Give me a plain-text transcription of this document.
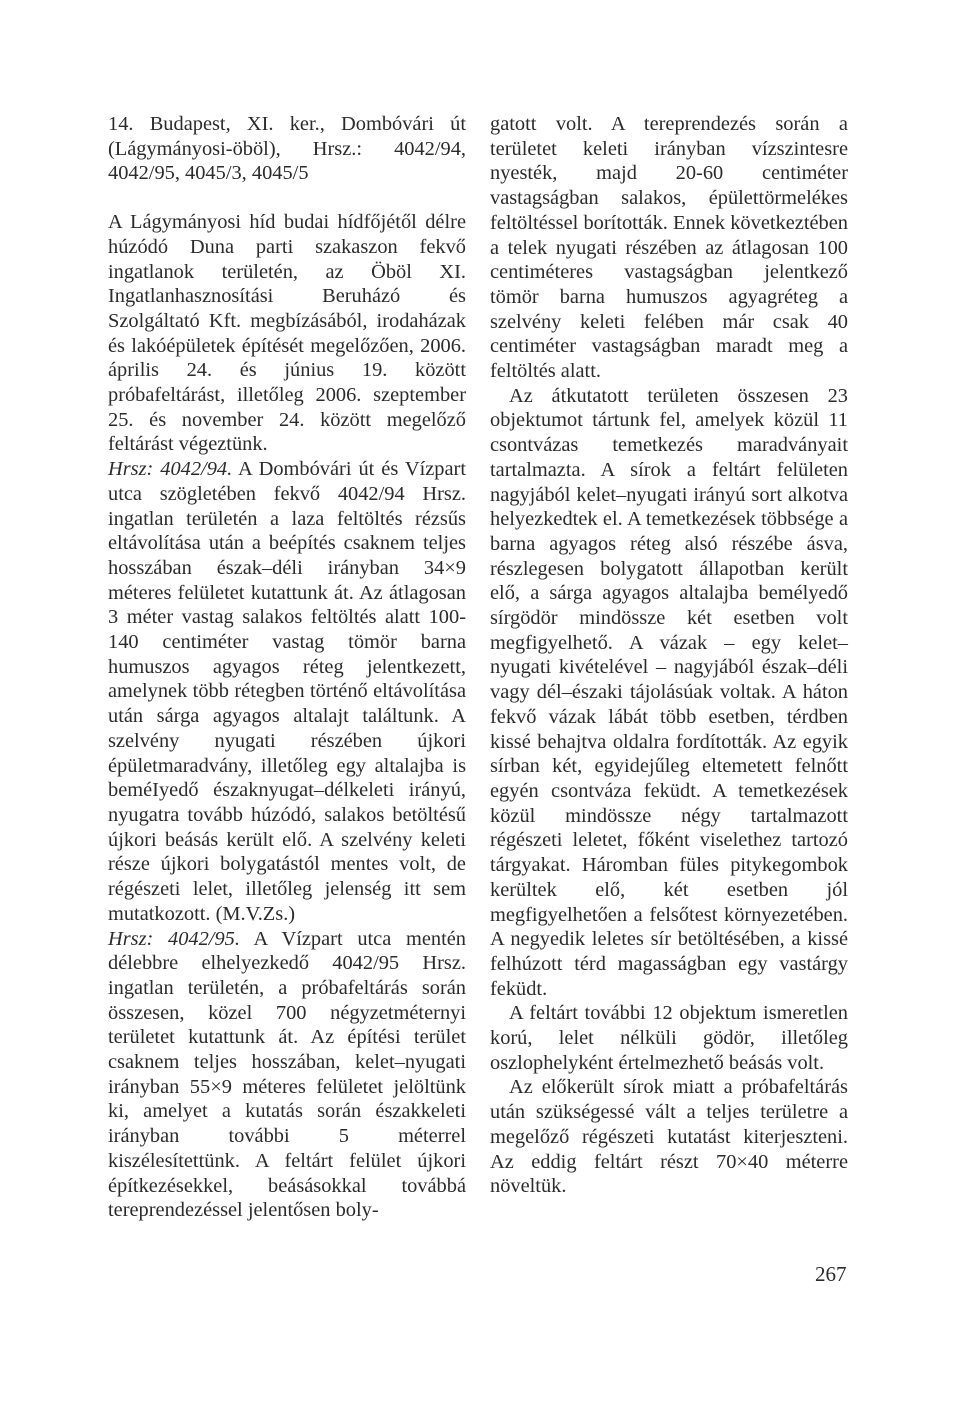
14. Budapest, XI. ker., Dombóvári út (Lágymányosi-öböl), Hrsz.: 4042/94, 4042/95, 4045/3, 4045/5

A Lágymányosi híd budai hídfőjétől délre húzódó Duna parti szakaszon fekvő ingatlanok területén, az Öböl XI. Ingatlanhasznosítási Beruházó és Szolgáltató Kft. megbízásából, irodaházak és lakóépületek építését megelőzően, 2006. április 24. és június 19. között próbafeltárást, illetőleg 2006. szeptember 25. és november 24. között megelőző feltárást végeztünk.

Hrsz: 4042/94. A Dombóvári út és Vízpart utca szögletében fekvő 4042/94 Hrsz. ingatlan területén a laza feltöltés rézsűs eltávolítása után a beépítés csaknem teljes hosszában észak–déli irányban 34×9 méteres felületet kutattunk át. Az átlagosan 3 méter vastag salakos feltöltés alatt 100-140 centiméter vastag tömör barna humuszos agyagos réteg jelentkezett, amelynek több rétegben történő eltávolítása után sárga agyagos altalajt találtunk. A szelvény nyugati részében újkori épületmaradvány, illetőleg egy altalajba is beméIyedő északnyugat–délkeleti irányú, nyugatra tovább húzódó, salakos betöltésű újkori beásás került elő. A szelvény keleti része újkori bolygatástól mentes volt, de régészeti lelet, illetőleg jelenség itt sem mutatkozott. (M.V.Zs.)

Hrsz: 4042/95. A Vízpart utca mentén délebbre elhelyezkedő 4042/95 Hrsz. ingatlan területén, a próbafeltárás során összesen, közel 700 négyzetméternyi területet kutattunk át. Az építési terület csaknem teljes hosszában, kelet–nyugati irányban 55×9 méteres felületet jelöltünk ki, amelyet a kutatás során északkeleti irányban további 5 méterrel kiszélesítettünk. A feltárt felület újkori építkezésekkel, beásásokkal továbbá tereprendezéssel jelentősen boly-

gatott volt. A tereprendezés során a területet keleti irányban vízszintesre nyesték, majd 20-60 centiméter vastagságban salakos, épülettörmelékes feltöltéssel borították. Ennek következtében a telek nyugati részében az átlagosan 100 centiméteres vastagságban jelentkező tömör barna humuszos agyagréteg a szelvény keleti felében már csak 40 centiméter vastagságban maradt meg a feltöltés alatt.

Az átkutatott területen összesen 23 objektumot tártunk fel, amelyek közül 11 csontvázas temetkezés maradványait tartalmazta. A sírok a feltárt felületen nagyjából kelet–nyugati irányú sort alkotva helyezkedtek el. A temetkezések többsége a barna agyagos réteg alsó részébe ásva, részlegesen bolygatott állapotban került elő, a sárga agyagos altalajba bemélyedő sírgödör mindössze két esetben volt megfigyelhető. A vázak – egy kelet–nyugati kivételével – nagyjából észak–déli vagy dél–északi tájolásúak voltak. A háton fekvő vázak lábát több esetben, térdben kissé behajtva oldalra fordították. Az egyik sírban két, egyidejűleg eltemetett felnőtt egyén csontváza feküdt. A temetkezések közül mindössze négy tartalmazott régészeti leletet, főként viselethez tartozó tárgyakat. Háromban füles pitykegombok kerültek elő, két esetben jól megfigyelhetően a felsőtest környezetében. A negyedik leletes sír betöltésében, a kissé felhúzott térd magasságban egy vastárgy feküdt.

A feltárt további 12 objektum ismeretlen korú, lelet nélküli gödör, illetőleg oszlophelyként értelmezhető beásás volt.

Az előkerült sírok miatt a próbafeltárás után szükségessé vált a teljes területre a megelőző régészeti kutatást kiterjeszteni. Az eddig feltárt részt 70×40 méterre növeltük.

267
